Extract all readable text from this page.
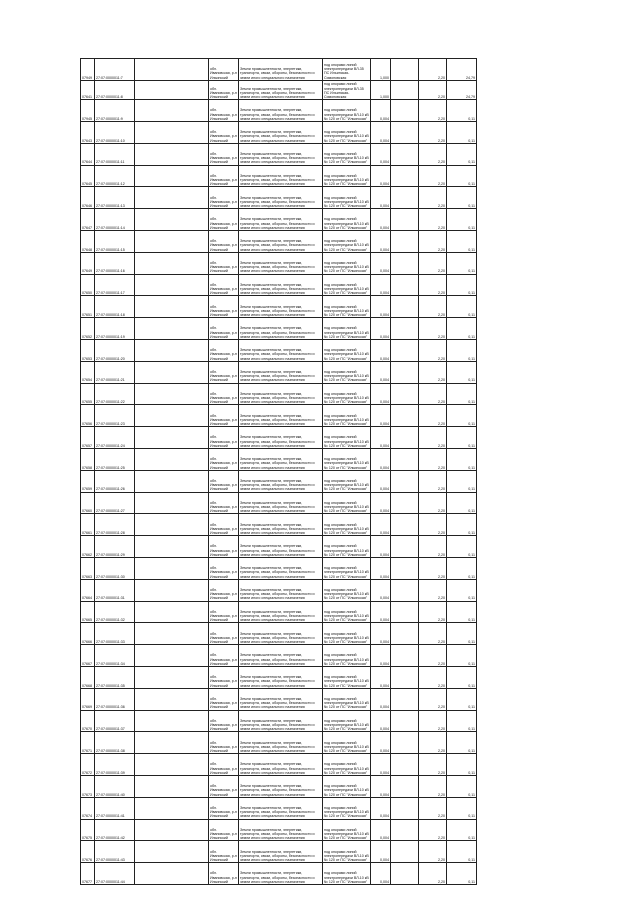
07949	27:07:0000011:7		обл. Ивановская, р-н Ильинский	Земли промышленности, энергетики, транспорта, связи, обороны, безопасности и земли иного специального назначения	под опорами линий электропередачи ВЛ-35 ПС Ильинская-Симоновская	1,000		2,20	24,79
07641	27:07:0000011:8		обл. Ивановская, р-н Ильинский	Земли промышленности, энергетики, транспорта, связи, обороны, безопасности и земли иного специального назначения	под опорами линий электропередачи ВЛ-35 ПС Ильинская-Симоновская	1,000		2,20	24,79
07945	27:07:0000011:9		обл. Ивановская, р-н Ильинский	Земли промышленности, энергетики, транспорта, связи, обороны, безопасности и земли иного специального назначения	под опорами линий электропередачи ВЛ-10 кВ № 120 от ПС "Ильинская"	0,004		2,20	0,11
07643	27:07:0000011:10		обл. Ивановская, р-н Ильинский	Земли промышленности, энергетики, транспорта, связи, обороны, безопасности и земли иного специального назначения	под опорами линий электропередачи ВЛ-10 кВ № 120 от ПС "Ильинская"	0,004		2,20	0,11
07644	27:07:0000011:11		обл. Ивановская, р-н Ильинский	Земли промышленности, энергетики, транспорта, связи, обороны, безопасности и земли иного специального назначения	под опорами линий электропередачи ВЛ-10 кВ № 120 от ПС "Ильинская"	0,004		2,20	0,11
07645	27:07:0000011:12		обл. Ивановская, р-н Ильинский	Земли промышленности, энергетики, транспорта, связи, обороны, безопасности и земли иного специального назначения	под опорами линий электропередачи ВЛ-10 кВ № 120 от ПС "Ильинская"	0,004		2,20	0,11
07646	27:07:0000011:13		обл. Ивановская, р-н Ильинский	Земли промышленности, энергетики, транспорта, связи, обороны, безопасности и земли иного специального назначения	под опорами линий электропередачи ВЛ-10 кВ № 120 от ПС "Ильинская"	0,004		2,20	0,11
07647	27:07:0000011:14		обл. Ивановская, р-н Ильинский	Земли промышленности, энергетики, транспорта, связи, обороны, безопасности и земли иного специального назначения	под опорами линий электропередачи ВЛ-10 кВ № 120 от ПС "Ильинская"	0,004		2,20	0,11
07648	27:07:0000011:15		обл. Ивановская, р-н Ильинский	Земли промышленности, энергетики, транспорта, связи, обороны, безопасности и земли иного специального назначения	под опорами линий электропередачи ВЛ-10 кВ № 120 от ПС "Ильинская"	0,004		2,20	0,11
07649	27:07:0000011:16		обл. Ивановская, р-н Ильинский	Земли промышленности, энергетики, транспорта, связи, обороны, безопасности и земли иного специального назначения	под опорами линий электропередачи ВЛ-10 кВ № 120 от ПС "Ильинская"	0,004		2,20	0,11
07650	27:07:0000011:17		обл. Ивановская, р-н Ильинский	Земли промышленности, энергетики, транспорта, связи, обороны, безопасности и земли иного специального назначения	под опорами линий электропередачи ВЛ-10 кВ № 120 от ПС "Ильинская"	0,004		2,20	0,11
07651	27:07:0000011:18		обл. Ивановская, р-н Ильинский	Земли промышленности, энергетики, транспорта, связи, обороны, безопасности и земли иного специального назначения	под опорами линий электропередачи ВЛ-10 кВ № 120 от ПС "Ильинская"	0,004		2,20	0,11
07652	27:07:0000011:19		обл. Ивановская, р-н Ильинский	Земли промышленности, энергетики, транспорта, связи, обороны, безопасности и земли иного специального назначения	под опорами линий электропередачи ВЛ-10 кВ № 120 от ПС "Ильинская"	0,004		2,20	0,11
07653	27:07:0000011:20		обл. Ивановская, р-н Ильинский	Земли промышленности, энергетики, транспорта, связи, обороны, безопасности и земли иного специального назначения	под опорами линий электропередачи ВЛ-10 кВ № 120 от ПС "Ильинская"	0,004		2,20	0,11
07654	27:07:0000011:21		обл. Ивановская, р-н Ильинский	Земли промышленности, энергетики, транспорта, связи, обороны, безопасности и земли иного специального назначения	под опорами линий электропередачи ВЛ-10 кВ № 120 от ПС "Ильинская"	0,004		2,20	0,11
07655	27:07:0000011:22		обл. Ивановская, р-н Ильинский	Земли промышленности, энергетики, транспорта, связи, обороны, безопасности и земли иного специального назначения	под опорами линий электропередачи ВЛ-10 кВ № 120 от ПС "Ильинская"	0,004		2,20	0,11
07656	27:07:0000011:23		обл. Ивановская, р-н Ильинский	Земли промышленности, энергетики, транспорта, связи, обороны, безопасности и земли иного специального назначения	под опорами линий электропередачи ВЛ-10 кВ № 120 от ПС "Ильинская"	0,004		2,20	0,11
07657	27:07:0000011:24		обл. Ивановская, р-н Ильинский	Земли промышленности, энергетики, транспорта, связи, обороны, безопасности и земли иного специального назначения	под опорами линий электропередачи ВЛ-10 кВ № 120 от ПС "Ильинская"	0,004		2,20	0,11
07658	27:07:0000011:25		обл. Ивановская, р-н Ильинский	Земли промышленности, энергетики, транспорта, связи, обороны, безопасности и земли иного специального назначения	под опорами линий электропередачи ВЛ-10 кВ № 120 от ПС "Ильинская"	0,004		2,20	0,11
07659	27:07:0000011:26		обл. Ивановская, р-н Ильинский	Земли промышленности, энергетики, транспорта, связи, обороны, безопасности и земли иного специального назначения	под опорами линий электропередачи ВЛ-10 кВ № 120 от ПС "Ильинская"	0,004		2,20	0,11
07660	27:07:0000011:27		обл. Ивановская, р-н Ильинский	Земли промышленности, энергетики, транспорта, связи, обороны, безопасности и земли иного специального назначения	под опорами линий электропередачи ВЛ-10 кВ № 120 от ПС "Ильинская"	0,004		2,20	0,11
07661	27:07:0000011:28		обл. Ивановская, р-н Ильинский	Земли промышленности, энергетики, транспорта, связи, обороны, безопасности и земли иного специального назначения	под опорами линий электропередачи ВЛ-10 кВ № 120 от ПС "Ильинская"	0,004		2,20	0,11
07662	27:07:0000011:29		обл. Ивановская, р-н Ильинский	Земли промышленности, энергетики, транспорта, связи, обороны, безопасности и земли иного специального назначения	под опорами линий электропередачи ВЛ-10 кВ № 120 от ПС "Ильинская"	0,004		2,20	0,11
07663	27:07:0000011:30		обл. Ивановская, р-н Ильинский	Земли промышленности, энергетики, транспорта, связи, обороны, безопасности и земли иного специального назначения	под опорами линий электропередачи ВЛ-10 кВ № 120 от ПС "Ильинская"	0,004		2,20	0,11
07664	27:07:0000011:31		обл. Ивановская, р-н Ильинский	Земли промышленности, энергетики, транспорта, связи, обороны, безопасности и земли иного специального назначения	под опорами линий электропередачи ВЛ-10 кВ № 120 от ПС "Ильинская"	0,004		2,20	0,11
07665	27:07:0000011:32		обл. Ивановская, р-н Ильинский	Земли промышленности, энергетики, транспорта, связи, обороны, безопасности и земли иного специального назначения	под опорами линий электропередачи ВЛ-10 кВ № 120 от ПС "Ильинская"	0,004		2,20	0,11
07666	27:07:0000011:33		обл. Ивановская, р-н Ильинский	Земли промышленности, энергетики, транспорта, связи, обороны, безопасности и земли иного специального назначения	под опорами линий электропередачи ВЛ-10 кВ № 120 от ПС "Ильинская"	0,004		2,20	0,11
07667	27:07:0000011:34		обл. Ивановская, р-н Ильинский	Земли промышленности, энергетики, транспорта, связи, обороны, безопасности и земли иного специального назначения	под опорами линий электропередачи ВЛ-10 кВ № 120 от ПС "Ильинская"	0,004		2,20	0,11
07668	27:07:0000011:35		обл. Ивановская, р-н Ильинский	Земли промышленности, энергетики, транспорта, связи, обороны, безопасности и земли иного специального назначения	под опорами линий электропередачи ВЛ-10 кВ № 120 от ПС "Ильинская"	0,004		2,20	0,11
07669	27:07:0000011:36		обл. Ивановская, р-н Ильинский	Земли промышленности, энергетики, транспорта, связи, обороны, безопасности и земли иного специального назначения	под опорами линий электропередачи ВЛ-10 кВ № 120 от ПС "Ильинская"	0,004		2,20	0,11
07670	27:07:0000011:37		обл. Ивановская, р-н Ильинский	Земли промышленности, энергетики, транспорта, связи, обороны, безопасности и земли иного специального назначения	под опорами линий электропередачи ВЛ-10 кВ № 120 от ПС "Ильинская"	0,004		2,20	0,11
07671	27:07:0000011:38		обл. Ивановская, р-н Ильинский	Земли промышленности, энергетики, транспорта, связи, обороны, безопасности и земли иного специального назначения	под опорами линий электропередачи ВЛ-10 кВ № 120 от ПС "Ильинская"	0,004		2,20	0,11
07672	27:07:0000011:39		обл. Ивановская, р-н Ильинский	Земли промышленности, энергетики, транспорта, связи, обороны, безопасности и земли иного специального назначения	под опорами линий электропередачи ВЛ-10 кВ № 120 от ПС "Ильинская"	0,004		2,20	0,11
07673	27:07:0000011:40		обл. Ивановская, р-н Ильинский	Земли промышленности, энергетики, транспорта, связи, обороны, безопасности и земли иного специального назначения	под опорами линий электропередачи ВЛ-10 кВ № 120 от ПС "Ильинская"	0,004		2,20	0,11
07674	27:07:0000011:41		обл. Ивановская, р-н Ильинский	Земли промышленности, энергетики, транспорта, связи, обороны, безопасности и земли иного специального назначения	под опорами линий электропередачи ВЛ-10 кВ № 120 от ПС "Ильинская"	0,004		2,20	0,11
07675	27:07:0000011:42		обл. Ивановская, р-н Ильинский	Земли промышленности, энергетики, транспорта, связи, обороны, безопасности и земли иного специального назначения	под опорами линий электропередачи ВЛ-10 кВ № 120 от ПС "Ильинская"	0,004		2,20	0,11
07676	27:07:0000011:43		обл. Ивановская, р-н Ильинский	Земли промышленности, энергетики, транспорта, связи, обороны, безопасности и земли иного специального назначения	под опорами линий электропередачи ВЛ-10 кВ № 120 от ПС "Ильинская"	0,004		2,20	0,11
07677	27:07:0000011:44		обл. Ивановская, р-н Ильинский	Земли промышленности, энергетики, транспорта, связи, обороны, безопасности и земли иного специального назначения	под опорами линий электропередачи ВЛ-10 кВ № 120 от ПС "Ильинская"	0,004		2,20	0,11
